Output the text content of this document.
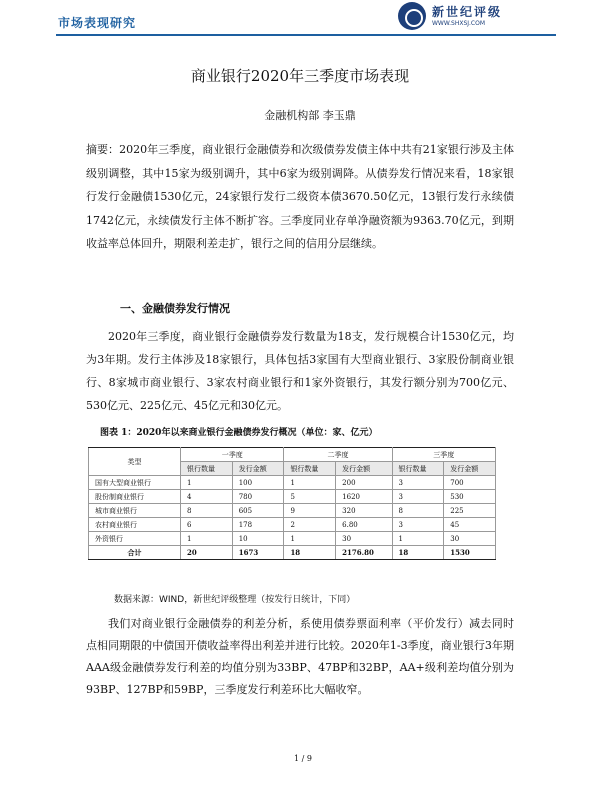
市场表现研究
新世纪评级
WWW.SHXSJ.COM
商业银行2020年三季度市场表现
金融机构部 李玉鼎
摘要：2020年三季度，商业银行金融债券和次级债券发债主体中共有21家银行涉及主体级别调整，其中15家为级别调升，其中6家为级别调降。从债券发行情况来看，18家银行发行金融债1530亿元，24家银行发行二级资本债3670.50亿元，13银行发行永续债1742亿元，永续债发行主体不断扩容。三季度同业存单净融资额为9363.70亿元，到期收益率总体回升，期限利差走扩，银行之间的信用分层继续。
一、金融债券发行情况
2020年三季度，商业银行金融债券发行数量为18支，发行规模合计1530亿元，均为3年期。发行主体涉及18家银行，具体包括3家国有大型商业银行、3家股份制商业银行、8家城市商业银行、3家农村商业银行和1家外资银行，其发行额分别为700亿元、530亿元、225亿元、45亿元和30亿元。
图表 1：2020年以来商业银行金融债券发行概况（单位：家、亿元）
类型	一季度		二季度		三季度	
	银行数量	发行金额	银行数量	发行金额	银行数量	发行金额
国有大型商业银行	1	100	1	200	3	700
股份制商业银行	4	780	5	1620	3	530
城市商业银行	8	605	9	320	8	225
农村商业银行	6	178	2	6.80	3	45
外资银行	1	10	1	30	1	30
合计	20	1673	18	2176.80	18	1530
数据来源：WIND，新世纪评级整理（按发行日统计，下同）
我们对商业银行金融债券的利差分析，系使用债券票面利率（平价发行）减去同时点相同期限的中债国开债收益率得出利差并进行比较。2020年1-3季度，商业银行3年期AAA级金融债券发行利差的均值分别为33BP、47BP和32BP，AA+级利差均值分别为93BP、127BP和59BP，三季度发行利差环比大幅收窄。
1 / 9
